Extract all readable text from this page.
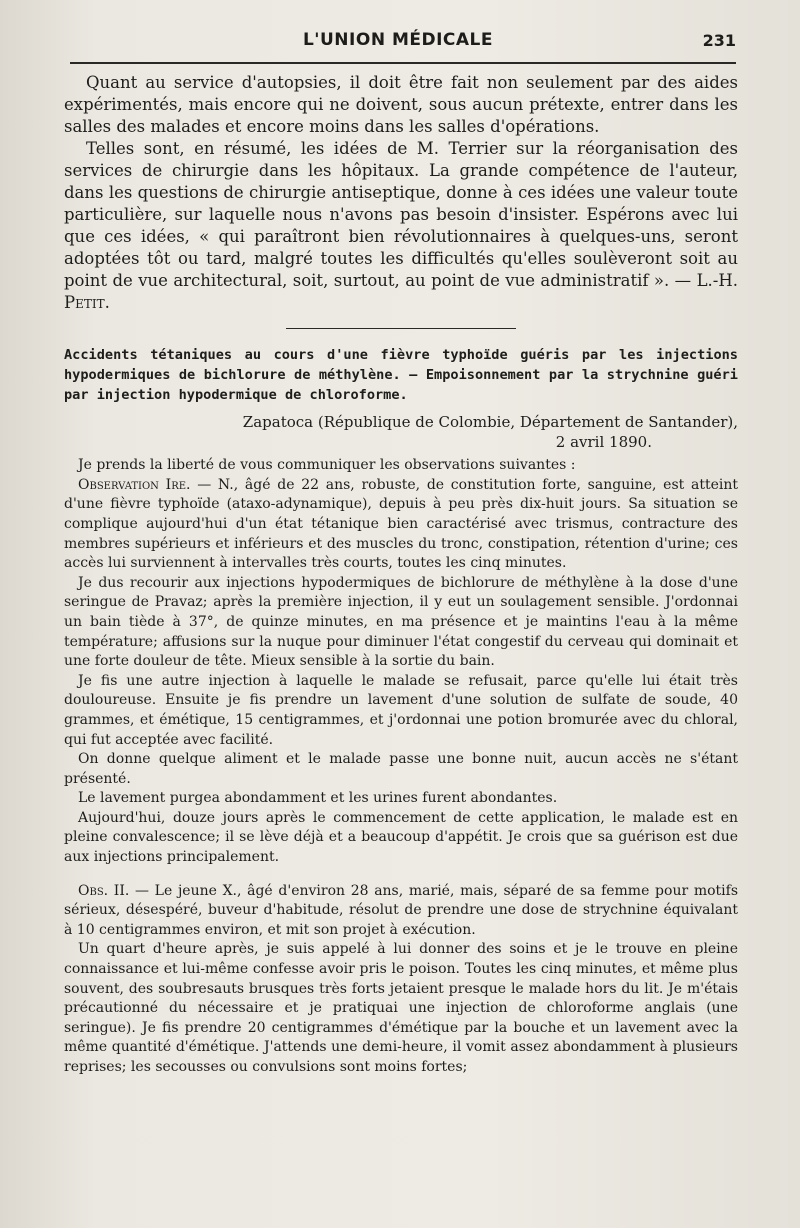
L'UNION MÉDICALE	231

Quant au service d'autopsies, il doit être fait non seulement par des aides expérimentés, mais encore qui ne doivent, sous aucun prétexte, entrer dans les salles des malades et encore moins dans les salles d'opérations.

Telles sont, en résumé, les idées de M. Terrier sur la réorganisation des services de chirurgie dans les hôpitaux. La grande compétence de l'auteur, dans les questions de chirurgie antiseptique, donne à ces idées une valeur toute particulière, sur laquelle nous n'avons pas besoin d'insister. Espérons avec lui que ces idées, « qui paraîtront bien révolutionnaires à quelques-uns, seront adoptées tôt ou tard, malgré toutes les difficultés qu'elles soulèveront soit au point de vue architectural, soit, surtout, au point de vue administratif ». — L.-H. Petit.

Accidents tétaniques au cours d'une fièvre typhoïde guéris par les injections hypodermiques de bichlorure de méthylène. — Empoisonnement par la strychnine guéri par injection hypodermique de chloroforme.

Zapatoca (République de Colombie, Département de Santander),

2 avril 1890.

Je prends la liberté de vous communiquer les observations suivantes :

Observation Ire. — N., âgé de 22 ans, robuste, de constitution forte, sanguine, est atteint d'une fièvre typhoïde (ataxo-adynamique), depuis à peu près dix-huit jours. Sa situation se complique aujourd'hui d'un état tétanique bien caractérisé avec trismus, contracture des membres supérieurs et inférieurs et des muscles du tronc, constipation, rétention d'urine; ces accès lui surviennent à intervalles très courts, toutes les cinq minutes.

Je dus recourir aux injections hypodermiques de bichlorure de méthylène à la dose d'une seringue de Pravaz; après la première injection, il y eut un soulagement sensible. J'ordonnai un bain tiède à 37°, de quinze minutes, en ma présence et je maintins l'eau à la même température; affusions sur la nuque pour diminuer l'état congestif du cerveau qui dominait et une forte douleur de tête. Mieux sensible à la sortie du bain.

Je fis une autre injection à laquelle le malade se refusait, parce qu'elle lui était très douloureuse. Ensuite je fis prendre un lavement d'une solution de sulfate de soude, 40 grammes, et émétique, 15 centigrammes, et j'ordonnai une potion bromurée avec du chloral, qui fut acceptée avec facilité.

On donne quelque aliment et le malade passe une bonne nuit, aucun accès ne s'étant présenté.

Le lavement purgea abondamment et les urines furent abondantes.

Aujourd'hui, douze jours après le commencement de cette application, le malade est en pleine convalescence; il se lève déjà et a beaucoup d'appétit. Je crois que sa guérison est due aux injections principalement.

Obs. II. — Le jeune X., âgé d'environ 28 ans, marié, mais, séparé de sa femme pour motifs sérieux, désespéré, buveur d'habitude, résolut de prendre une dose de strychnine équivalant à 10 centigrammes environ, et mit son projet à exécution.

Un quart d'heure après, je suis appelé à lui donner des soins et je le trouve en pleine connaissance et lui-même confesse avoir pris le poison. Toutes les cinq minutes, et même plus souvent, des soubresauts brusques très forts jetaient presque le malade hors du lit. Je m'étais précautionné du nécessaire et je pratiquai une injection de chloroforme anglais (une seringue). Je fis prendre 20 centigrammes d'émétique par la bouche et un lavement avec la même quantité d'émétique. J'attends une demi-heure, il vomit assez abondamment à plusieurs reprises; les secousses ou convulsions sont moins fortes;
